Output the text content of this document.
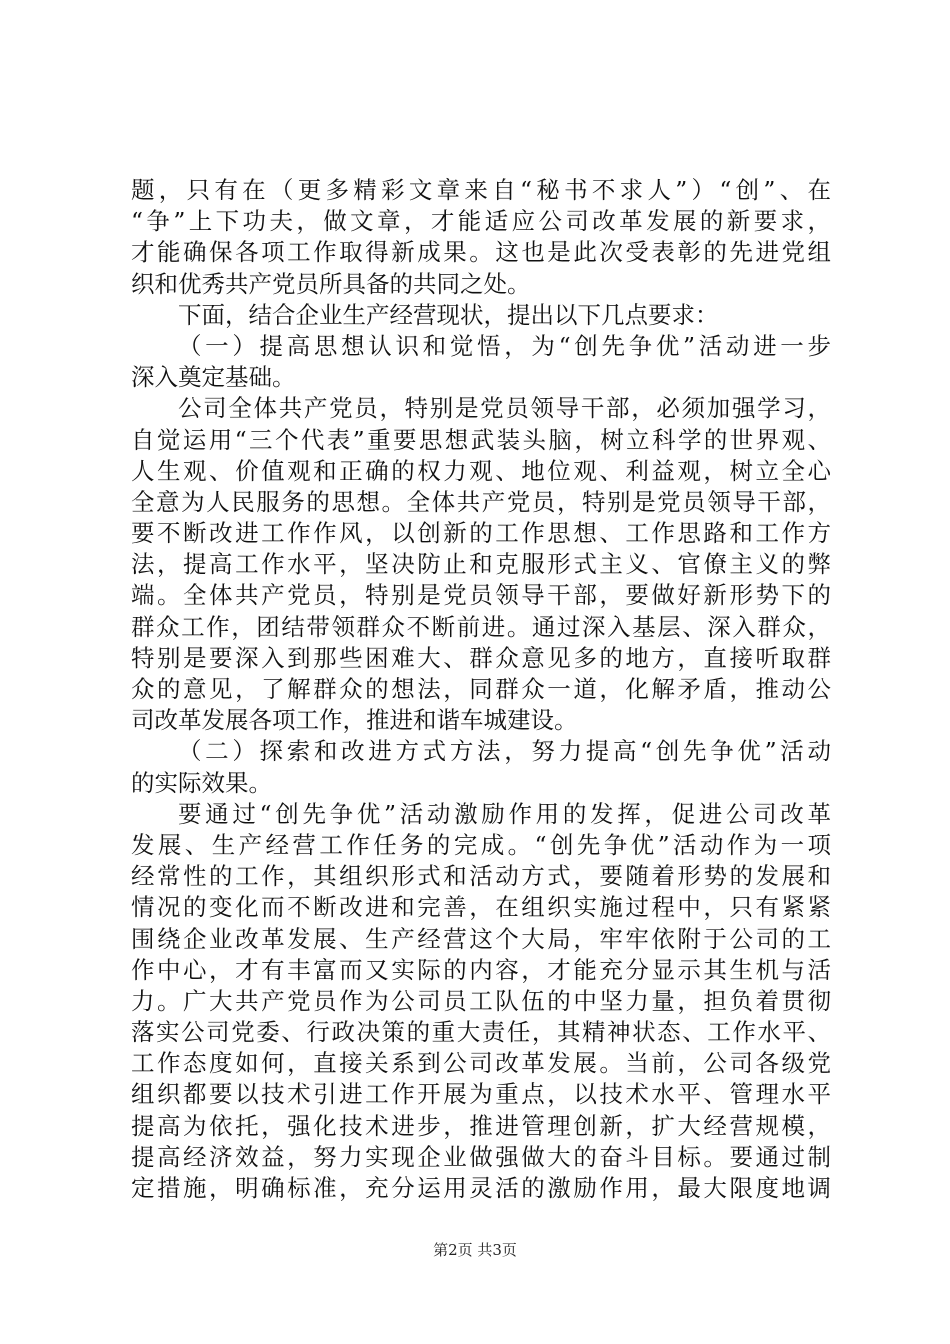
题，只有在（更多精彩文章来自“秘书不求人”）“创”、在
“争”上下功夫，做文章，才能适应公司改革发展的新要求，
才能确保各项工作取得新成果。这也是此次受表彰的先进党组
织和优秀共产党员所具备的共同之处。
下面，结合企业生产经营现状，提出以下几点要求：
（一）提高思想认识和觉悟，为“创先争优”活动进一步
深入奠定基础。
公司全体共产党员，特别是党员领导干部，必须加强学习，
自觉运用“三个代表”重要思想武装头脑，树立科学的世界观、
人生观、价值观和正确的权力观、地位观、利益观，树立全心
全意为人民服务的思想。全体共产党员，特别是党员领导干部，
要不断改进工作作风，以创新的工作思想、工作思路和工作方
法，提高工作水平，坚决防止和克服形式主义、官僚主义的弊
端。全体共产党员，特别是党员领导干部，要做好新形势下的
群众工作，团结带领群众不断前进。通过深入基层、深入群众，
特别是要深入到那些困难大、群众意见多的地方，直接听取群
众的意见，了解群众的想法，同群众一道，化解矛盾，推动公
司改革发展各项工作，推进和谐车城建设。
（二）探索和改进方式方法，努力提高“创先争优”活动
的实际效果。
要通过“创先争优”活动激励作用的发挥，促进公司改革
发展、生产经营工作任务的完成。“创先争优”活动作为一项
经常性的工作，其组织形式和活动方式，要随着形势的发展和
情况的变化而不断改进和完善，在组织实施过程中，只有紧紧
围绕企业改革发展、生产经营这个大局，牢牢依附于公司的工
作中心，才有丰富而又实际的内容，才能充分显示其生机与活
力。广大共产党员作为公司员工队伍的中坚力量，担负着贯彻
落实公司党委、行政决策的重大责任，其精神状态、工作水平、
工作态度如何，直接关系到公司改革发展。当前，公司各级党
组织都要以技术引进工作开展为重点，以技术水平、管理水平
提高为依托，强化技术进步，推进管理创新，扩大经营规模，
提高经济效益，努力实现企业做强做大的奋斗目标。要通过制
定措施，明确标准，充分运用灵活的激励作用，最大限度地调
第2页 共3页
